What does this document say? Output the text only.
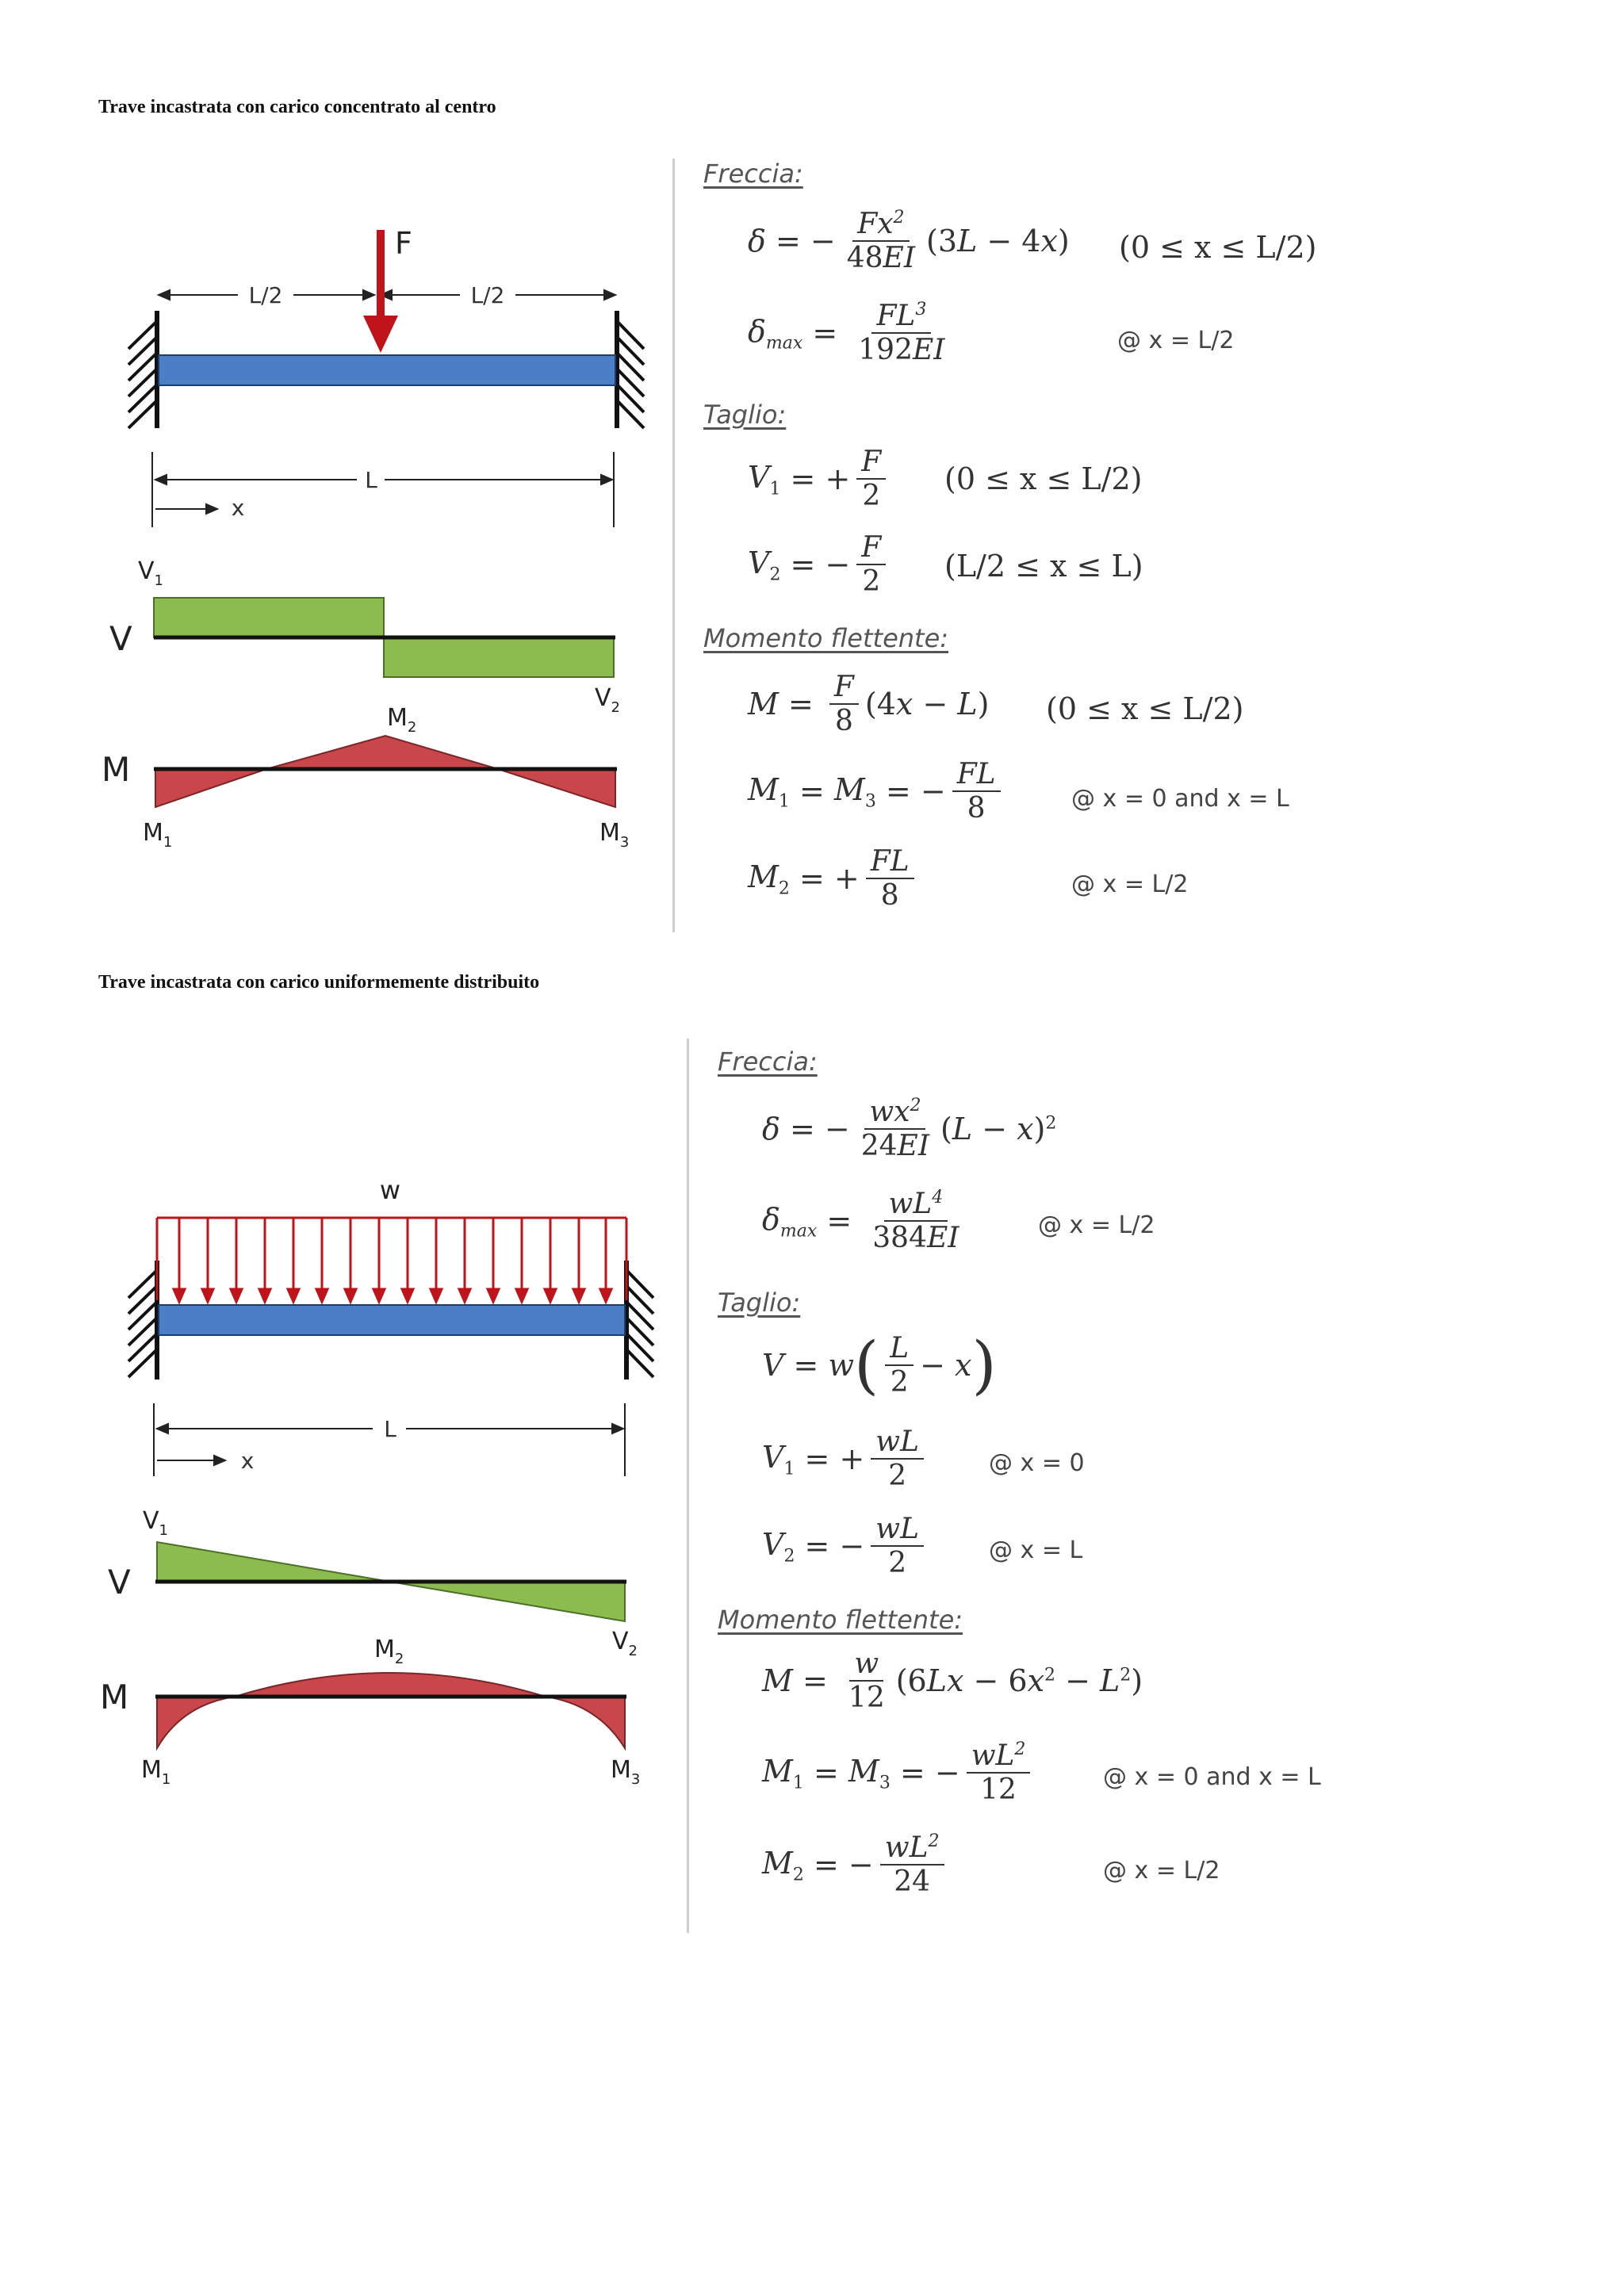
Trave incastrata con carico concentrato al centro
L/2	L/2
F
L
x
V
$V_1$
$V_2$
M
$M_1$
$M_2$
$M_3$
Freccia:
δ = − $\frac{Fx^2}{48EI} (3$ L − 4 x ) (0 ≤ x ≤ L/2)
$\delta_{max} = \frac{FL^3}{192EI}$	@ x = L/2
Taglio:
$V_1$ = + $\frac{F}{2} (0 \le x \le L/2)$
$V_2$ = − $\frac{F}{2} (L/2 \le x \le L)$
Momento flettente:
$M = \frac{F}{8} (4$ x − L ) (0 ≤ x ≤ L/2)
$M_1 = M_3$ = − $\frac{FL}{8}$	@ x = 0 and x = L
$M_2$ = + $\frac{FL}{8}$	@ x = L/2
Trave incastrata con carico uniformemente distribuito
w
L
x
V
$V_1$
$V_2$
M
$M_1$
$M_2$
$M_3$
Freccia:
δ = − $\frac{wx^2}{24EI}$ ( L − x )$^2$
$\delta_{max} = \frac{wL^4}{384EI}$	@ x = L/2
Taglio:
V = w ( $\frac{L}{2} - x$ )
$V_1$ = + $\frac{wL}{2}$	@ x = 0
$V_2$ = − $\frac{wL}{2}$	@ x = L
Momento flettente:
$M = \frac{w}{12} (6$ Lx − 6 x $^2$ − L $^2$)
$M_1 = M_3$ = − $\frac{wL^2}{12}$	@ x = 0 and x = L
$M_2$ = − $\frac{wL^2}{24}$	@ x = L/2
